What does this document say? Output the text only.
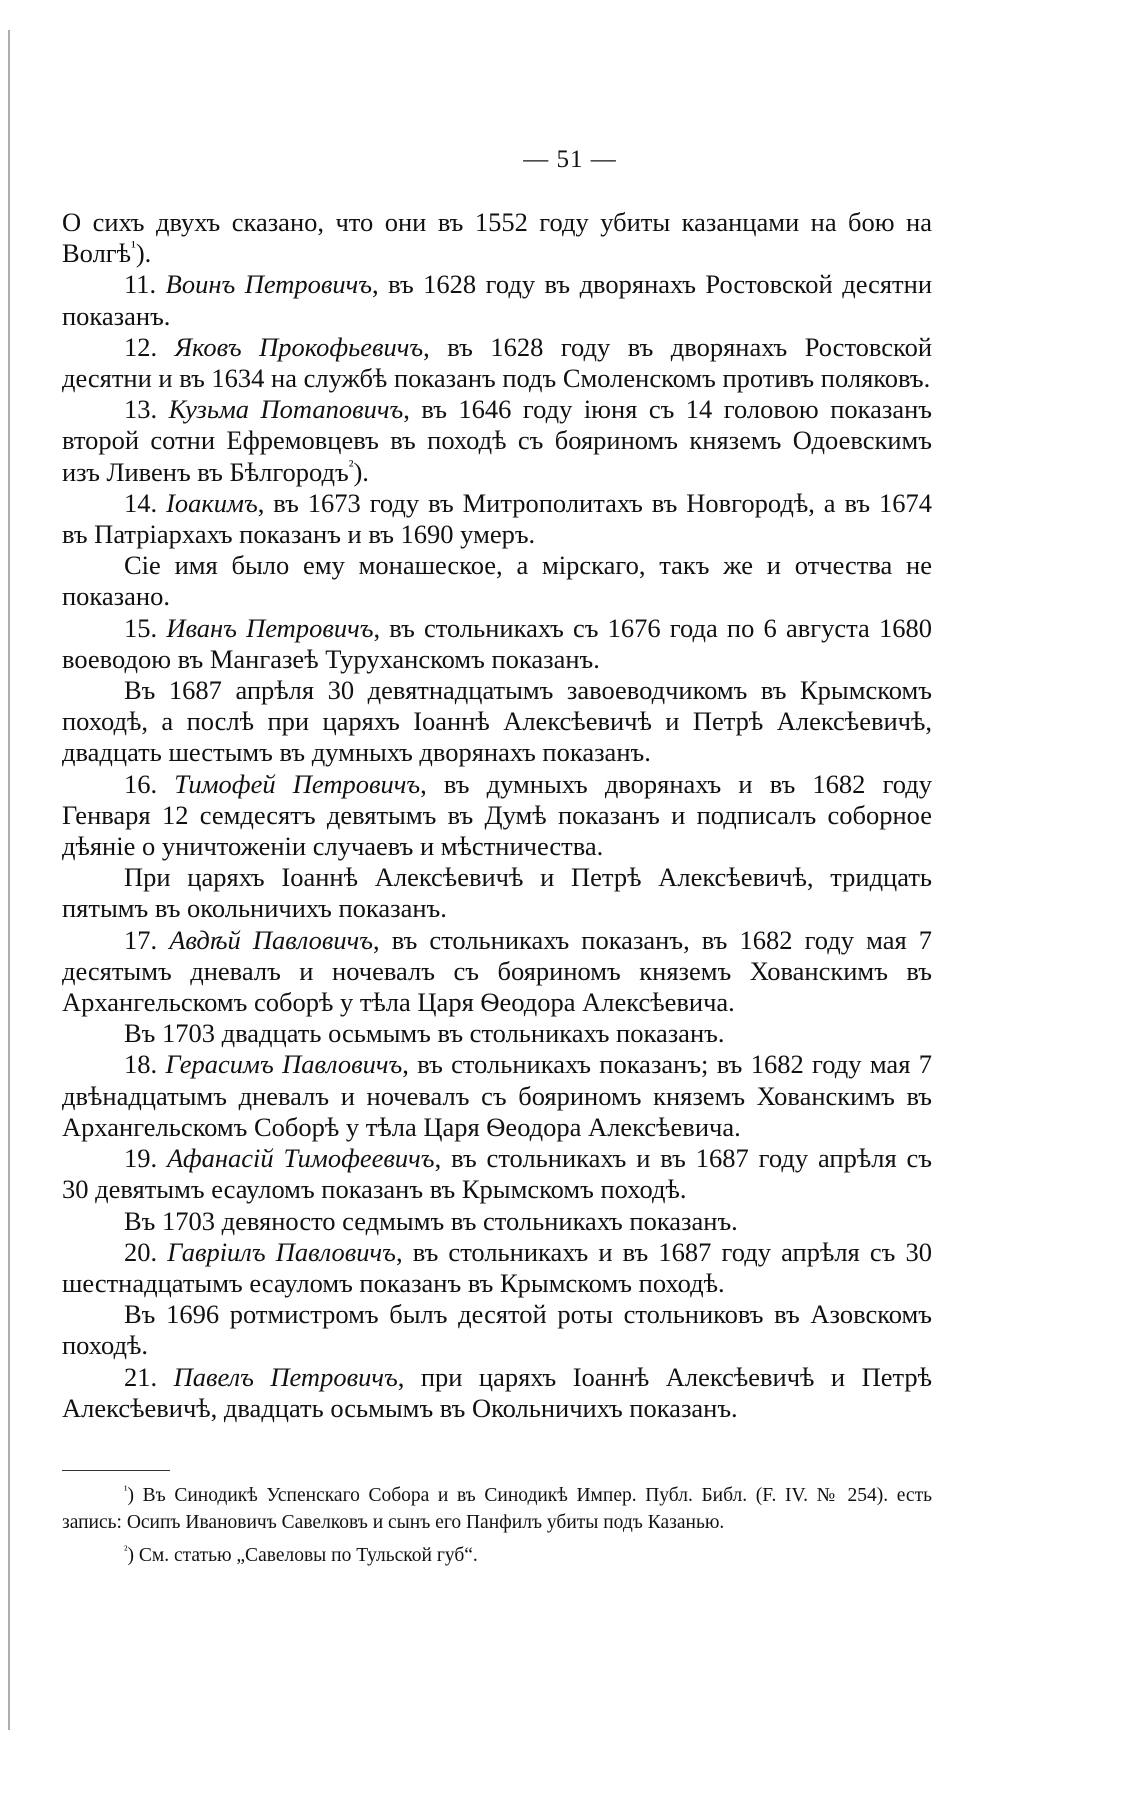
— 51 —

О сихъ двухъ сказано, что они въ 1552 году убиты казанцами на бою на Волгѣ$^{^1}$).

11. Воинъ Петровичъ, въ 1628 году въ дворянахъ Ростовской десятни показанъ.

12. Яковъ Прокофьевичъ, въ 1628 году въ дворянахъ Ростовской десятни и въ 1634 на службѣ показанъ подъ Смоленскомъ противъ поляковъ.

13. Кузьма Потаповичъ, въ 1646 году іюня съ 14 головою показанъ второй сотни Ефремовцевъ въ походѣ съ бояриномъ княземъ Одоевскимъ изъ Ливенъ въ Бѣлгородъ$^{^2}$).

14. Іоакимъ, въ 1673 году въ Митрополитахъ въ Новгородѣ, а въ 1674 въ Патріархахъ показанъ и въ 1690 умеръ.

Сіе имя было ему монашеское, а мірскаго, такъ же и отчества не показано.

15. Иванъ Петровичъ, въ стольникахъ съ 1676 года по 6 августа 1680 воеводою въ Мангазеѣ Туруханскомъ показанъ.

Въ 1687 апрѣля 30 девятнадцатымъ завоеводчикомъ въ Крымскомъ походѣ, а послѣ при царяхъ Іоаннѣ Алексѣевичѣ и Петрѣ Алексѣевичѣ, двадцать шестымъ въ думныхъ дворянахъ показанъ.

16. Тимофей Петровичъ, въ думныхъ дворянахъ и въ 1682 году Генваря 12 семдесятъ девятымъ въ Думѣ показанъ и подписалъ соборное дѣяніе о уничтоженіи случаевъ и мѣстничества.

При царяхъ Іоаннѣ Алексѣевичѣ и Петрѣ Алексѣевичѣ, тридцать пятымъ въ окольничихъ показанъ.

17. Авдѣй Павловичъ, въ стольникахъ показанъ, въ 1682 году мая 7 десятымъ дневалъ и ночевалъ съ бояриномъ княземъ Хованскимъ въ Архангельскомъ соборѣ у тѣла Царя Ѳеодора Алексѣевича.

Въ 1703 двадцать осьмымъ въ стольникахъ показанъ.

18. Герасимъ Павловичъ, въ стольникахъ показанъ; въ 1682 году мая 7 двѣнадцатымъ дневалъ и ночевалъ съ бояриномъ княземъ Хованскимъ въ Архангельскомъ Соборѣ у тѣла Царя Ѳеодора Алексѣевича.

19. Афанасій Тимофеевичъ, въ стольникахъ и въ 1687 году апрѣля съ 30 девятымъ есауломъ показанъ въ Крымскомъ походѣ.

Въ 1703 девяносто седмымъ въ стольникахъ показанъ.

20. Гавріилъ Павловичъ, въ стольникахъ и въ 1687 году апрѣля съ 30 шестнадцатымъ есауломъ показанъ въ Крымскомъ походѣ.

Въ 1696 ротмистромъ былъ десятой роты стольниковъ въ Азовскомъ походѣ.

21. Павелъ Петровичъ, при царяхъ Іоаннѣ Алексѣевичѣ и Петрѣ Алексѣевичѣ, двадцать осьмымъ въ Окольничихъ показанъ.

$^{^1}$) Въ Синодикѣ Успенскаго Собора и въ Синодикѣ Импер. Публ. Библ. (F. IV. № 254). есть запись: Осипъ Ивановичъ Савелковъ и сынъ его Панфилъ убиты подъ Казанью.

$^{^2}$) См. статью „Савеловы по Тульской губ“.
